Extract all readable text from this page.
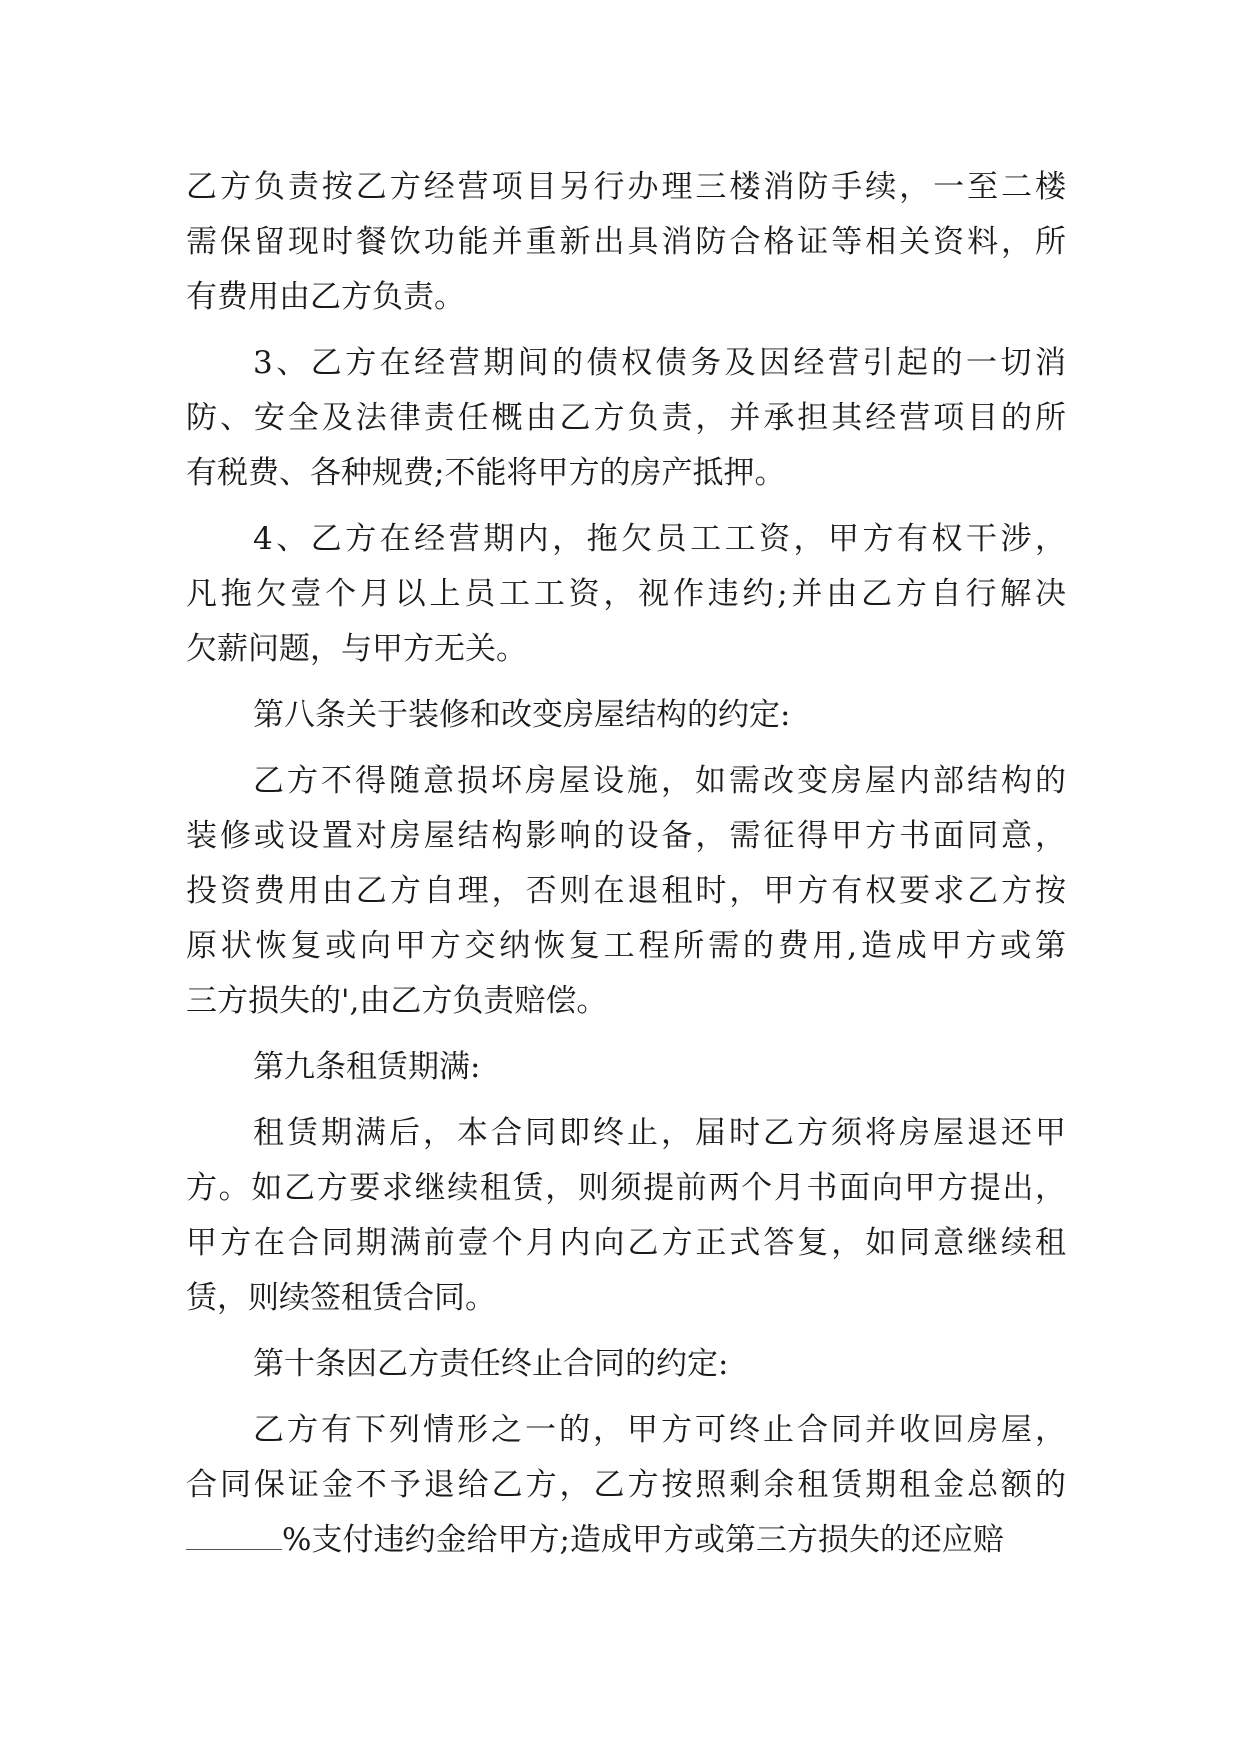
乙方负责按乙方经营项目另行办理三楼消防手续，一至二楼
需保留现时餐饮功能并重新出具消防合格证等相关资料，所
有费用由乙方负责。
3、乙方在经营期间的债权债务及因经营引起的一切消
防、安全及法律责任概由乙方负责，并承担其经营项目的所
有税费、各种规费;不能将甲方的房产抵押。
4、乙方在经营期内，拖欠员工工资，甲方有权干涉，
凡拖欠壹个月以上员工工资，视作违约;并由乙方自行解决
欠薪问题，与甲方无关。
第八条关于装修和改变房屋结构的约定:
乙方不得随意损坏房屋设施，如需改变房屋内部结构的
装修或设置对房屋结构影响的设备，需征得甲方书面同意，
投资费用由乙方自理，否则在退租时，甲方有权要求乙方按
原状恢复或向甲方交纳恢复工程所需的费用,造成甲方或第
三方损失的',由乙方负责赔偿。
第九条租赁期满:
租赁期满后，本合同即终止，届时乙方须将房屋退还甲
方。如乙方要求继续租赁，则须提前两个月书面向甲方提出，
甲方在合同期满前壹个月内向乙方正式答复，如同意继续租
赁，则续签租赁合同。
第十条因乙方责任终止合同的约定:
乙方有下列情形之一的，甲方可终止合同并收回房屋，
合同保证金不予退给乙方，乙方按照剩余租赁期租金总额的
%支付违约金给甲方;造成甲方或第三方损失的还应赔
